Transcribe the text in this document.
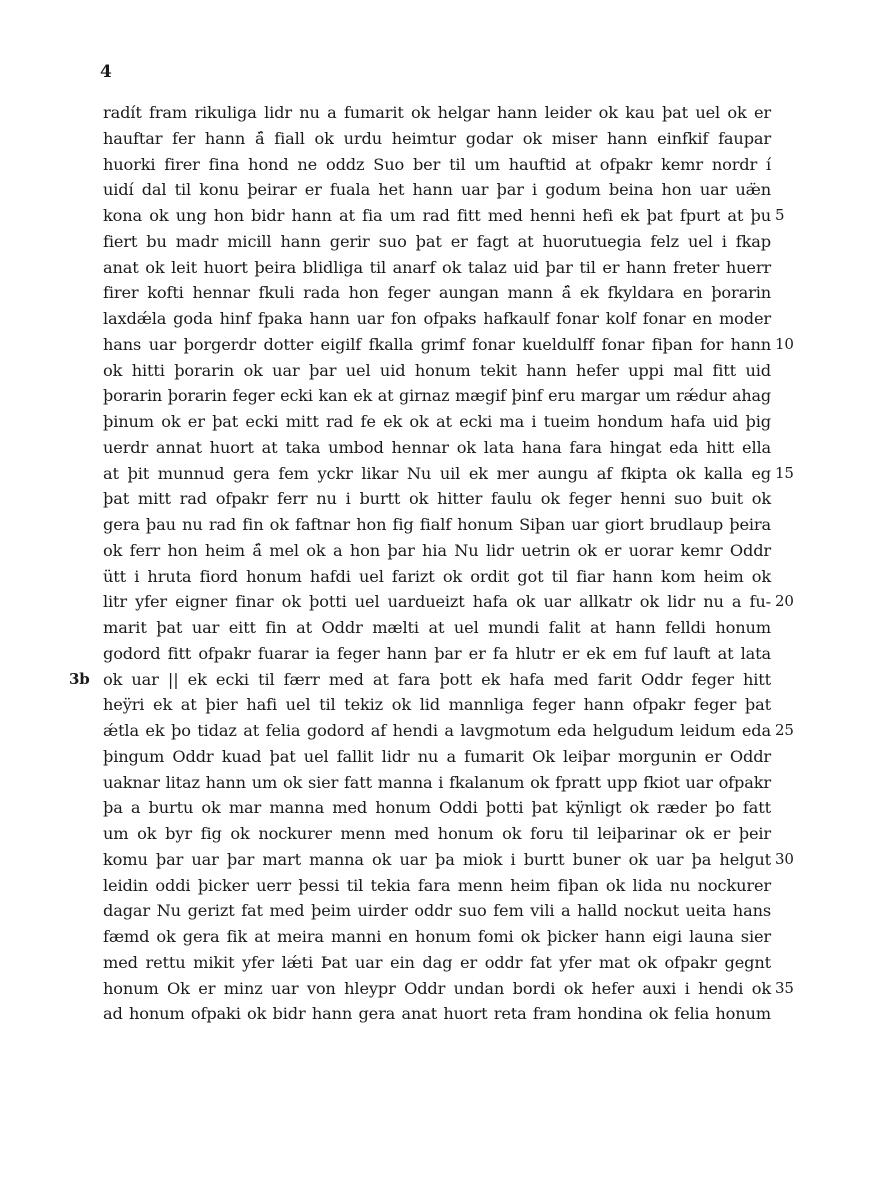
4
radít fram rikuliga lidr nu a fumarit ok helgar hann leider ok kau þat uel ok er
hauftar fer hann á̈ fiall ok urdu heimtur godar ok miser hann einfkif faupar
huorki firer fina hond ne oddz Suo ber til um hauftid at ofpakr kemr nordr í
uidí dal til konu þeirar er fuala het hann uar þar i godum beina hon uar uæ̈n
kona ok ung hon bidr hann at fia um rad fitt med henni hefi ek þat fpurt at þu 5
fiert bu madr micill hann gerir suo þat er fagt at huorutuegia felz uel i fkap
anat ok leit huort þeira blidliga til anarf ok talaz uid þar til er hann freter huerr
firer kofti hennar fkuli rada hon feger aungan mann á̈ ek fkyldara en þorarin
laxdǽla goda hinf fpaka hann uar fon ofpaks hafkaulf fonar kolf fonar en moder
hans uar þorgerdr dotter eigilf fkalla grimf fonar kueldulff fonar fiþan for hann 10
ok hitti þorarin ok uar þar uel uid honum tekit hann hefer uppi mal fitt uid
þorarin þorarin feger ecki kan ek at girnaz mægif þinf eru margar um rǽdur ahag
þinum ok er þat ecki mitt rad fe ek ok at ecki ma i tueim hondum hafa uid þig
uerdr annat huort at taka umbod hennar ok lata hana fara hingat eda hitt ella
at þit munnud gera fem yckr likar Nu uil ek mer aungu af fkipta ok kalla eg 15
þat mitt rad ofpakr ferr nu i burtt ok hitter faulu ok feger henni suo buit ok
gera þau nu rad fin ok faftnar hon fig fialf honum Siþan uar giort brudlaup þeira
ok ferr hon heim á̈ mel ok a hon þar hia Nu lidr uetrin ok er uorar kemr Oddr
ütt i hruta fiord honum hafdi uel farizt ok ordit got til fiar hann kom heim ok
litr yfer eigner finar ok þotti uel uardueizt hafa ok uar allkatr ok lidr nu a fu- 20
marit þat uar eitt fin at Oddr mælti at uel mundi falit at hann felldi honum
godord fitt ofpakr fuarar ia feger hann þar er fa hlutr er ek em fuf lauft at lata
ok uar || ek ecki til færr med at fara þott ek hafa med farit Oddr feger hitt
3b
heÿri ek at þier hafi uel til tekiz ok lid mannliga feger hann ofpakr feger þat
ǽtla ek þo tidaz at felia godord af hendi a lavgmotum eda helgudum leidum eda 25
þingum Oddr kuad þat uel fallit lidr nu a fumarit Ok leiþar morgunin er Oddr
uaknar litaz hann um ok sier fatt manna i fkalanum ok fpratt upp fkiot uar ofpakr
þa a burtu ok mar manna med honum Oddi þotti þat kÿnligt ok ræder þo fatt
um ok byr fig ok nockurer menn med honum ok foru til leiþarinar ok er þeir
komu þar uar þar mart manna ok uar þa miok i burtt buner ok uar þa helgut 30
leidin oddi þicker uerr þessi til tekia fara menn heim fiþan ok lida nu nockurer
dagar Nu gerizt fat med þeim uirder oddr suo fem vili a halld nockut ueita hans
fæmd ok gera fik at meira manni en honum fomi ok þicker hann eigi launa sier
med rettu mikit yfer lǽti Þat uar ein dag er oddr fat yfer mat ok ofpakr gegnt
honum Ok er minz uar von hleypr Oddr undan bordi ok hefer auxi i hendi ok 35
ad honum ofpaki ok bidr hann gera anat huort reta fram hondina ok felia honum
